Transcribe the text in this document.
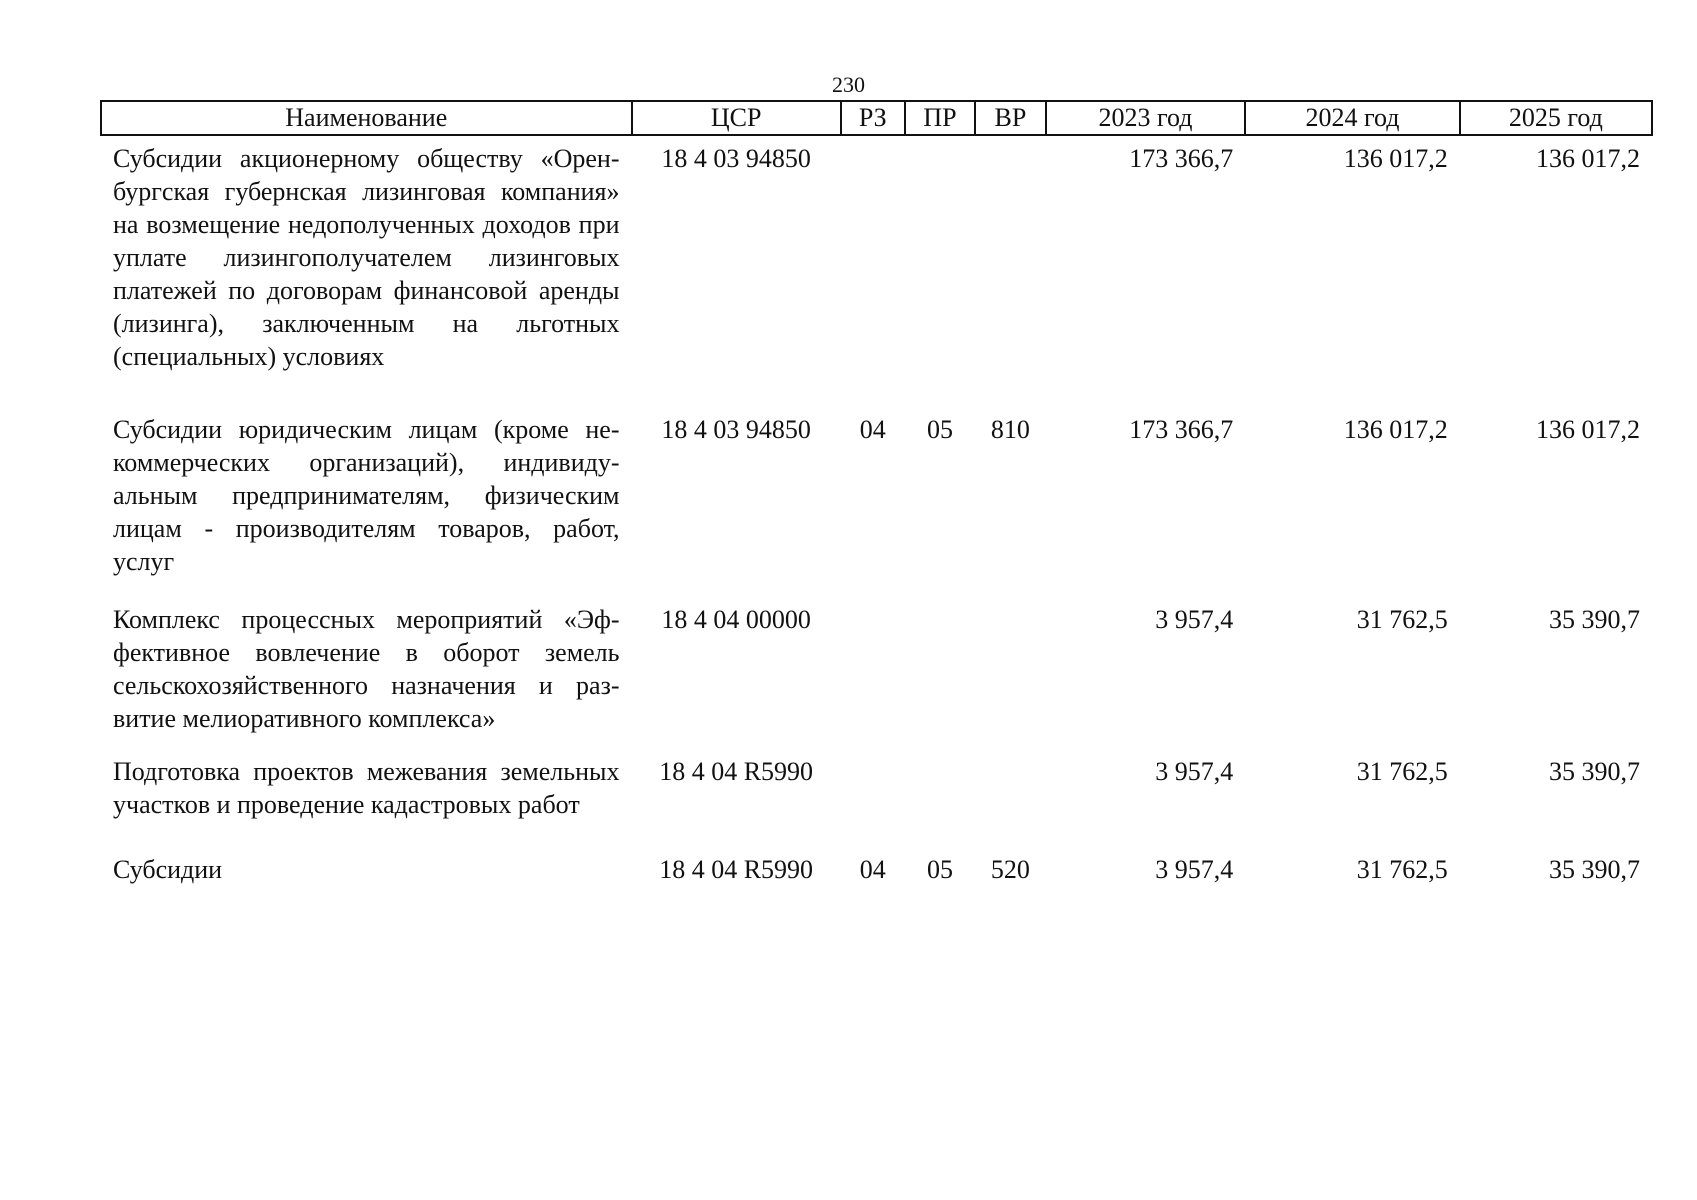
230
Наименование	ЦСР	РЗ	ПР	ВР	2023 год	2024 год	2025 год
Субсидии акционерному обществу «Оренбургская губернская лизинговая компания» на возмещение недополученных доходов при уплате лизингополучателем лизинговых платежей по договорам финансовой аренды (лизинга), заключенным на льготных (специальных) условиях	18 4 03 94850				173 366,7	136 017,2	136 017,2
Субсидии юридическим лицам (кроме некоммерческих организаций), индивидуальным предпринимателям, физическим лицам - производителям товаров, работ, услуг	18 4 03 94850	04	05	810	173 366,7	136 017,2	136 017,2
Комплекс процессных мероприятий «Эффективное вовлечение в оборот земель сельскохозяйственного назначения и развитие мелиоративного комплекса»	18 4 04 00000				3 957,4	31 762,5	35 390,7
Подготовка проектов межевания земельных участков и проведение кадастровых работ	18 4 04 R5990				3 957,4	31 762,5	35 390,7
Субсидии	18 4 04 R5990	04	05	520	3 957,4	31 762,5	35 390,7
